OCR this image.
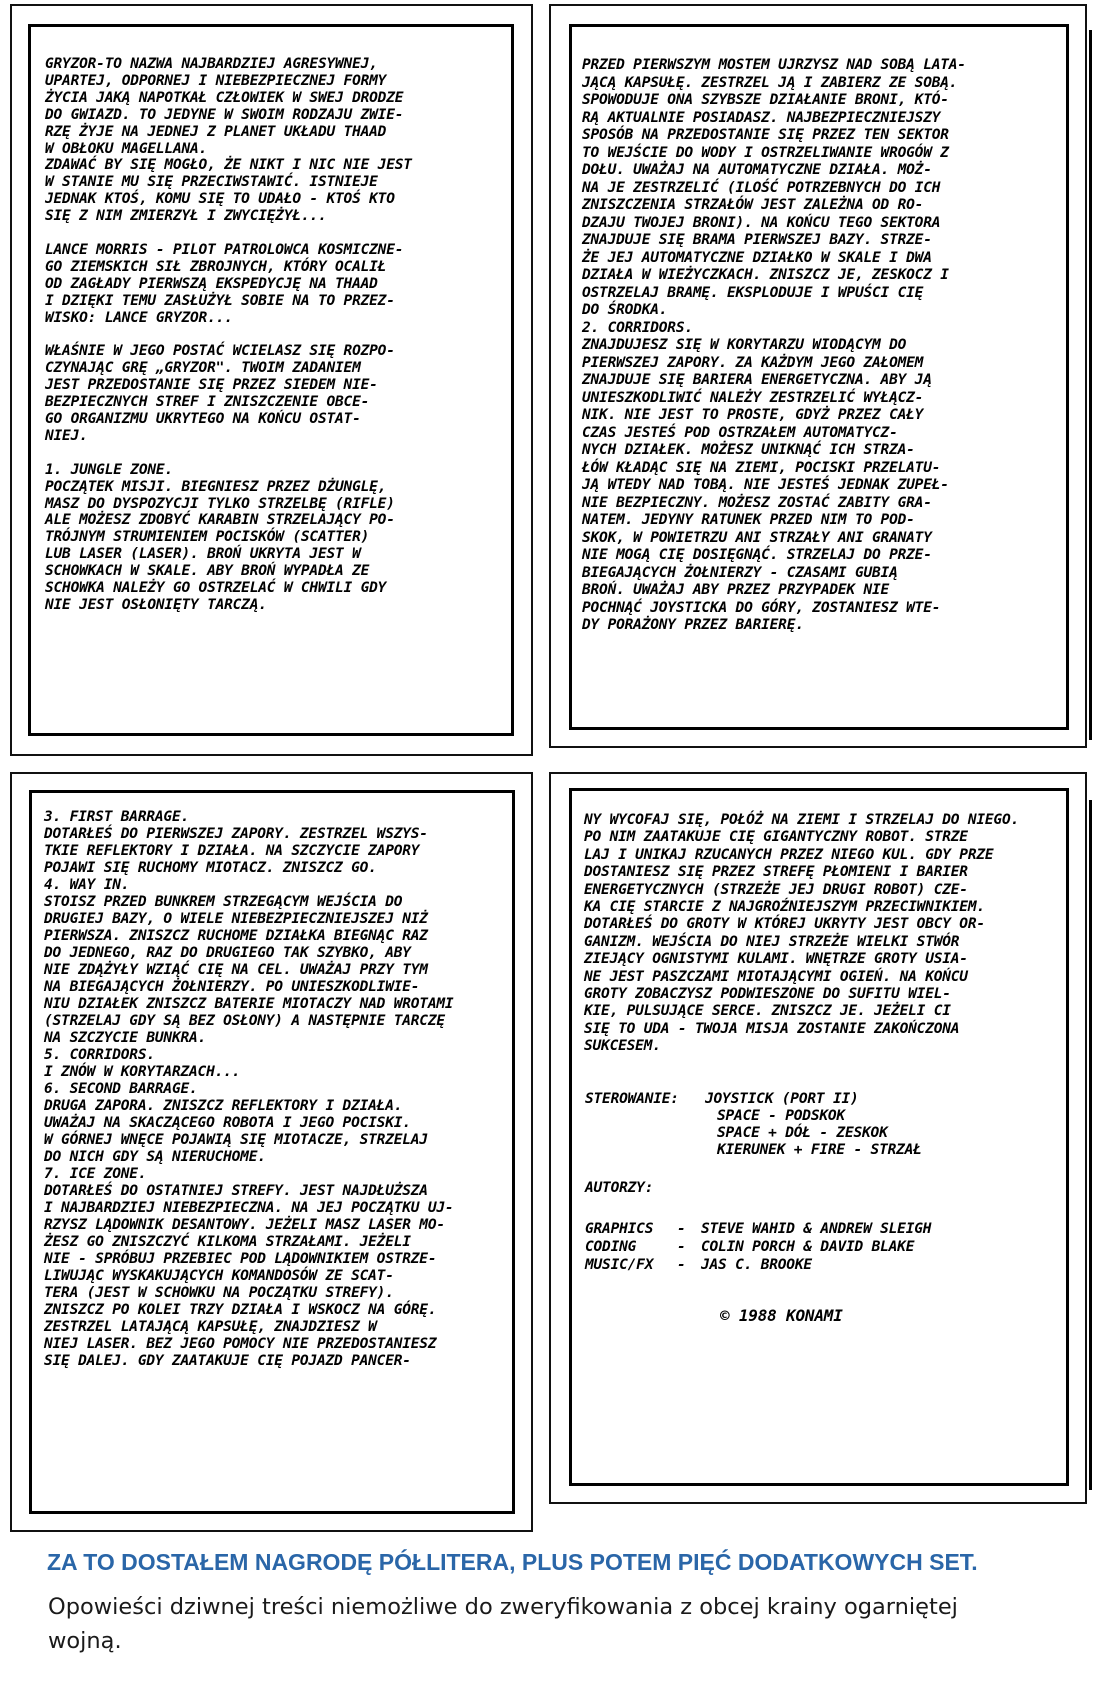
GRYZOR-TO NAZWA NAJBARDZIEJ AGRESYWNEJ,
UPARTEJ, ODPORNEJ I NIEBEZPIECZNEJ FORMY
ŻYCIA JAKĄ NAPOTKAŁ CZŁOWIEK W SWEJ DRODZE
DO GWIAZD. TO JEDYNE W SWOIM RODZAJU ZWIE-
RZĘ ŻYJE NA JEDNEJ Z PLANET UKŁADU THAAD
W OBŁOKU MAGELLANA.
ZDAWAĆ BY SIĘ MOGŁO, ŻE NIKT I NIC NIE JEST
W STANIE MU SIĘ PRZECIWSTAWIĆ. ISTNIEJE
JEDNAK KTOŚ, KOMU SIĘ TO UDAŁO - KTOŚ KTO
SIĘ Z NIM ZMIERZYŁ I ZWYCIĘŻYŁ...

LANCE MORRIS - PILOT PATROLOWCA KOSMICZNE-
GO ZIEMSKICH SIŁ ZBROJNYCH, KTÓRY OCALIŁ
OD ZAGŁADY PIERWSZĄ EKSPEDYCJĘ NA THAAD
I DZIĘKI TEMU ZASŁUŻYŁ SOBIE NA TO PRZEZ-
WISKO: LANCE GRYZOR...

WŁAŚNIE W JEGO POSTAĆ WCIELASZ SIĘ ROZPO-
CZYNAJĄC GRĘ „GRYZOR". TWOIM ZADANIEM
JEST PRZEDOSTANIE SIĘ PRZEZ SIEDEM NIE-
BEZPIECZNYCH STREF I ZNISZCZENIE OBCE-
GO ORGANIZMU UKRYTEGO NA KOŃCU OSTAT-
NIEJ.

1. JUNGLE ZONE.
POCZĄTEK MISJI. BIEGNIESZ PRZEZ DŻUNGLĘ,
MASZ DO DYSPOZYCJI TYLKO STRZELBĘ (RIFLE)
ALE MOŻESZ ZDOBYĆ KARABIN STRZELAJĄCY PO-
TRÓJNYM STRUMIENIEM POCISKÓW (SCATTER)
LUB LASER (LASER). BROŃ UKRYTA JEST W
SCHOWKACH W SKALE. ABY BROŃ WYPADŁA ZE
SCHOWKA NALEŻY GO OSTRZELAĆ W CHWILI GDY
NIE JEST OSŁONIĘTY TARCZĄ.
PRZED PIERWSZYM MOSTEM UJRZYSZ NAD SOBĄ LATA-
JĄCĄ KAPSUŁĘ. ZESTRZEL JĄ I ZABIERZ ZE SOBĄ.
SPOWODUJE ONA SZYBSZE DZIAŁANIE BRONI, KTÓ-
RĄ AKTUALNIE POSIADASZ. NAJBEZPIECZNIEJSZY
SPOSÓB NA PRZEDOSTANIE SIĘ PRZEZ TEN SEKTOR
TO WEJŚCIE DO WODY I OSTRZELIWANIE WROGÓW Z
DOŁU. UWAŻAJ NA AUTOMATYCZNE DZIAŁA. MOŻ-
NA JE ZESTRZELIĆ (ILOŚĆ POTRZEBNYCH DO ICH
ZNISZCZENIA STRZAŁÓW JEST ZALEŻNA OD RO-
DZAJU TWOJEJ BRONI). NA KOŃCU TEGO SEKTORA
ZNAJDUJE SIĘ BRAMA PIERWSZEJ BAZY. STRZE-
ŻE JEJ AUTOMATYCZNE DZIAŁKO W SKALE I DWA
DZIAŁA W WIEŻYCZKACH. ZNISZCZ JE, ZESKOCZ I
OSTRZELAJ BRAMĘ. EKSPLODUJE I WPUŚCI CIĘ
DO ŚRODKA.
2. CORRIDORS.
ZNAJDUJESZ SIĘ W KORYTARZU WIODĄCYM DO
PIERWSZEJ ZAPORY. ZA KAŻDYM JEGO ZAŁOMEM
ZNAJDUJE SIĘ BARIERA ENERGETYCZNA. ABY JĄ
UNIESZKODLIWIĆ NALEŻY ZESTRZELIĆ WYŁĄCZ-
NIK. NIE JEST TO PROSTE, GDYŻ PRZEZ CAŁY
CZAS JESTEŚ POD OSTRZAŁEM AUTOMATYCZ-
NYCH DZIAŁEK. MOŻESZ UNIKNĄĆ ICH STRZA-
ŁÓW KŁADĄC SIĘ NA ZIEMI, POCISKI PRZELATU-
JĄ WTEDY NAD TOBĄ. NIE JESTEŚ JEDNAK ZUPEŁ-
NIE BEZPIECZNY. MOŻESZ ZOSTAĆ ZABITY GRA-
NATEM. JEDYNY RATUNEK PRZED NIM TO POD-
SKOK, W POWIETRZU ANI STRZAŁY ANI GRANATY
NIE MOGĄ CIĘ DOSIĘGNĄĆ. STRZELAJ DO PRZE-
BIEGAJĄCYCH ŻOŁNIERZY - CZASAMI GUBIĄ
BROŃ. UWAŻAJ ABY PRZEZ PRZYPADEK NIE
POCHNĄĆ JOYSTICKA DO GÓRY, ZOSTANIESZ WTE-
DY PORAŻONY PRZEZ BARIERĘ.
3. FIRST BARRAGE.
DOTARŁEŚ DO PIERWSZEJ ZAPORY. ZESTRZEL WSZYS-
TKIE REFLEKTORY I DZIAŁA. NA SZCZYCIE ZAPORY
POJAWI SIĘ RUCHOMY MIOTACZ. ZNISZCZ GO.
4. WAY IN.
STOISZ PRZED BUNKREM STRZEGĄCYM WEJŚCIA DO
DRUGIEJ BAZY, O WIELE NIEBEZPIECZNIEJSZEJ NIŻ
PIERWSZA. ZNISZCZ RUCHOME DZIAŁKA BIEGNĄC RAZ
DO JEDNEGO, RAZ DO DRUGIEGO TAK SZYBKO, ABY
NIE ZDĄŻYŁY WZIĄĆ CIĘ NA CEL. UWAŻAJ PRZY TYM
NA BIEGAJĄCYCH ŻOŁNIERZY. PO UNIESZKODLIWIE-
NIU DZIAŁEK ZNISZCZ BATERIE MIOTACZY NAD WROTAMI
(STRZELAJ GDY SĄ BEZ OSŁONY) A NASTĘPNIE TARCZĘ
NA SZCZYCIE BUNKRA.
5. CORRIDORS.
I ZNÓW W KORYTARZACH...
6. SECOND BARRAGE.
DRUGA ZAPORA. ZNISZCZ REFLEKTORY I DZIAŁA.
UWAŻAJ NA SKACZĄCEGO ROBOTA I JEGO POCISKI.
W GÓRNEJ WNĘCE POJAWIĄ SIĘ MIOTACZE, STRZELAJ
DO NICH GDY SĄ NIERUCHOME.
7. ICE ZONE.
DOTARŁEŚ DO OSTATNIEJ STREFY. JEST NAJDŁUŻSZA
I NAJBARDZIEJ NIEBEZPIECZNA. NA JEJ POCZĄTKU UJ-
RZYSZ LĄDOWNIK DESANTOWY. JEŻELI MASZ LASER MO-
ŻESZ GO ZNISZCZYĆ KILKOMA STRZAŁAMI. JEŻELI
NIE - SPRÓBUJ PRZEBIEC POD LĄDOWNIKIEM OSTRZE-
LIWUJĄC WYSKAKUJĄCYCH KOMANDOSÓW ZE SCAT-
TERA (JEST W SCHOWKU NA POCZĄTKU STREFY).
ZNISZCZ PO KOLEI TRZY DZIAŁA I WSKOCZ NA GÓRĘ.
ZESTRZEL LATAJĄCĄ KAPSUŁĘ, ZNAJDZIESZ W
NIEJ LASER. BEZ JEGO POMOCY NIE PRZEDOSTANIESZ
SIĘ DALEJ. GDY ZAATAKUJE CIĘ POJAZD PANCER-
NY WYCOFAJ SIĘ, POŁÓŻ NA ZIEMI I STRZELAJ DO NIEGO.
PO NIM ZAATAKUJE CIĘ GIGANTYCZNY ROBOT. STRZE
LAJ I UNIKAJ RZUCANYCH PRZEZ NIEGO KUL. GDY PRZE
DOSTANIESZ SIĘ PRZEZ STREFĘ PŁOMIENI I BARIER
ENERGETYCZNYCH (STRZEŻE JEJ DRUGI ROBOT) CZE-
KA CIĘ STARCIE Z NAJGROŹNIEJSZYM PRZECIWNIKIEM.
DOTARŁEŚ DO GROTY W KTÓREJ UKRYTY JEST OBCY OR-
GANIZM. WEJŚCIA DO NIEJ STRZEŻE WIELKI STWÓR
ZIEJĄCY OGNISTYMI KULAMI. WNĘTRZE GROTY USIA-
NE JEST PASZCZAMI MIOTAJĄCYMI OGIEŃ. NA KOŃCU
GROTY ZOBACZYSZ PODWIESZONE DO SUFITU WIEL-
KIE, PULSUJĄCE SERCE. ZNISZCZ JE. JEŻELI CI
SIĘ TO UDA - TWOJA MISJA ZOSTANIE ZAKOŃCZONA
SUKCESEM.
STEROWANIE: JOYSTICK (PORT II)
SPACE - PODSKOK
SPACE + DÓŁ - ZESKOK
KIERUNEK + FIRE - STRZAŁ
AUTORZY:
GRAPHICS - STEVE WAHID & ANDREW SLEIGH
CODING	- COLIN PORCH & DAVID BLAKE
MUSIC/FX - JAS C. BROOKE
© 1988 KONAMI
ZA TO DOSTAŁEM NAGRODĘ PÓŁLITERA, PLUS POTEM PIĘĆ DODATKOWYCH SET.
Opowieści dziwnej treści niemożliwe do zweryfikowania z obcej krainy ogarniętej wojną.
